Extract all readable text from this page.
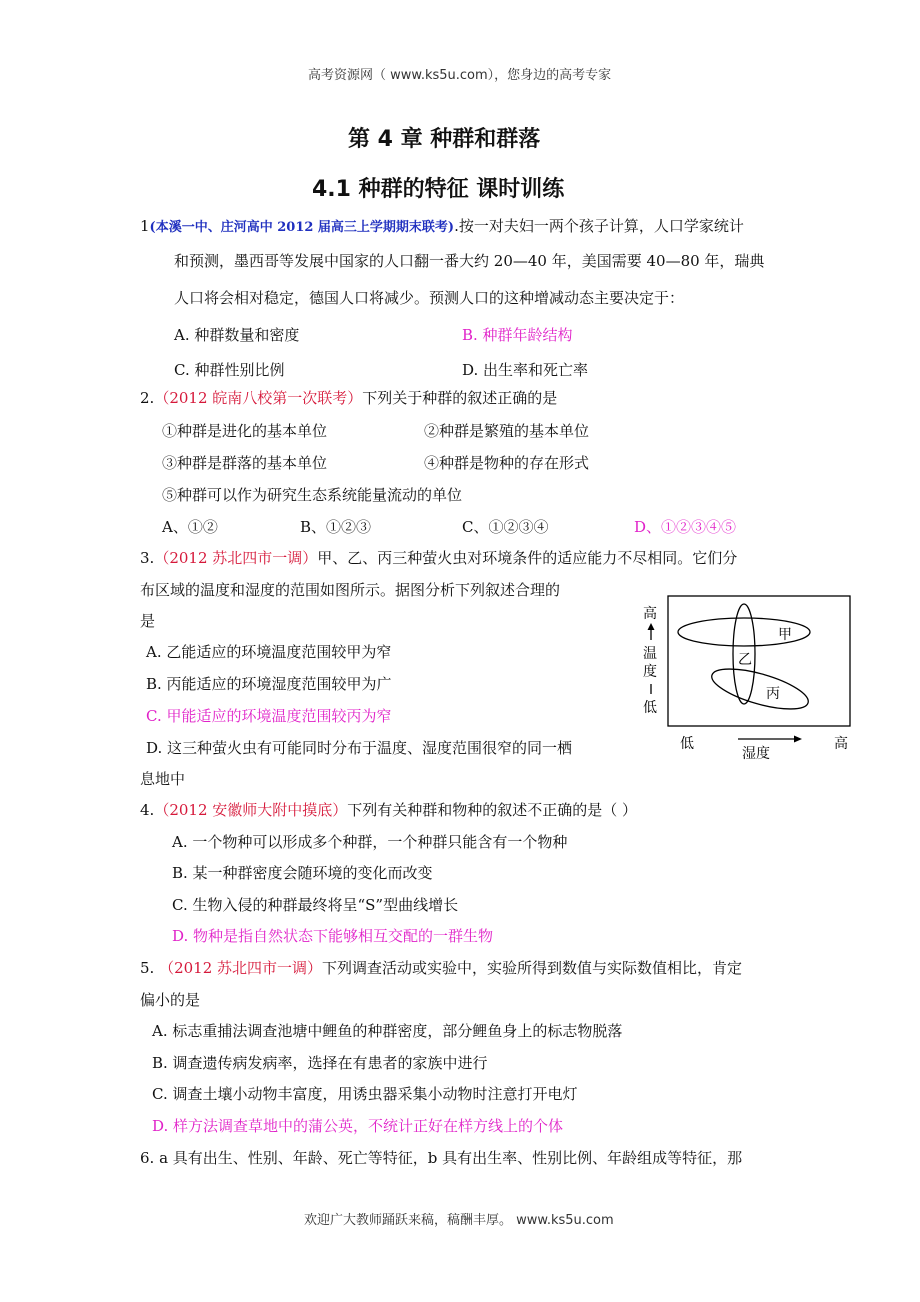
高考资源网（ www.ks5u.com），您身边的高考专家
第 4 章 种群和群落
4.1 种群的特征 课时训练
1(本溪一中、庄河高中 2012 届高三上学期期末联考).按一对夫妇一两个孩子计算，人口学家统计
和预测，墨西哥等发展中国家的人口翻一番大约 20—40 年，美国需要 40—80 年，瑞典
人口将会相对稳定，德国人口将减少。预测人口的这种增减动态主要决定于：
A. 种群数量和密度	B. 种群年龄结构
C. 种群性别比例	D. 出生率和死亡率
2.（2012 皖南八校第一次联考）下列关于种群的叙述正确的是
①种群是进化的基本单位	②种群是繁殖的基本单位
③种群是群落的基本单位	④种群是物种的存在形式
⑤种群可以作为研究生态系统能量流动的单位
A、①②	B、①②③	C、①②③④	D、①②③④⑤
3.（2012 苏北四市一调）甲、乙、丙三种萤火虫对环境条件的适应能力不尽相同。它们分
布区域的温度和湿度的范围如图所示。据图分析下列叙述合理的
是
A. 乙能适应的环境温度范围较甲为窄
B. 丙能适应的环境湿度范围较甲为广
C. 甲能适应的环境温度范围较丙为窄
D. 这三种萤火虫有可能同时分布于温度、湿度范围很窄的同一栖
息地中
甲
乙
丙
高
温
度
低
低
湿度
高
4.（2012 安徽师大附中摸底）下列有关种群和物种的叙述不正确的是（ ）
A. 一个物种可以形成多个种群，一个种群只能含有一个物种
B. 某一种群密度会随环境的变化而改变
C. 生物入侵的种群最终将呈“S”型曲线增长
D. 物种是指自然状态下能够相互交配的一群生物
5. （2012 苏北四市一调）下列调查活动或实验中，实验所得到数值与实际数值相比，肯定
偏小的是
A. 标志重捕法调查池塘中鲤鱼的种群密度，部分鲤鱼身上的标志物脱落
B. 调查遗传病发病率，选择在有患者的家族中进行
C. 调查土壤小动物丰富度，用诱虫器采集小动物时注意打开电灯
D. 样方法调查草地中的蒲公英，不统计正好在样方线上的个体
6. a 具有出生、性别、年龄、死亡等特征，b 具有出生率、性别比例、年龄组成等特征，那
欢迎广大教师踊跃来稿，稿酬丰厚。 www.ks5u.com
